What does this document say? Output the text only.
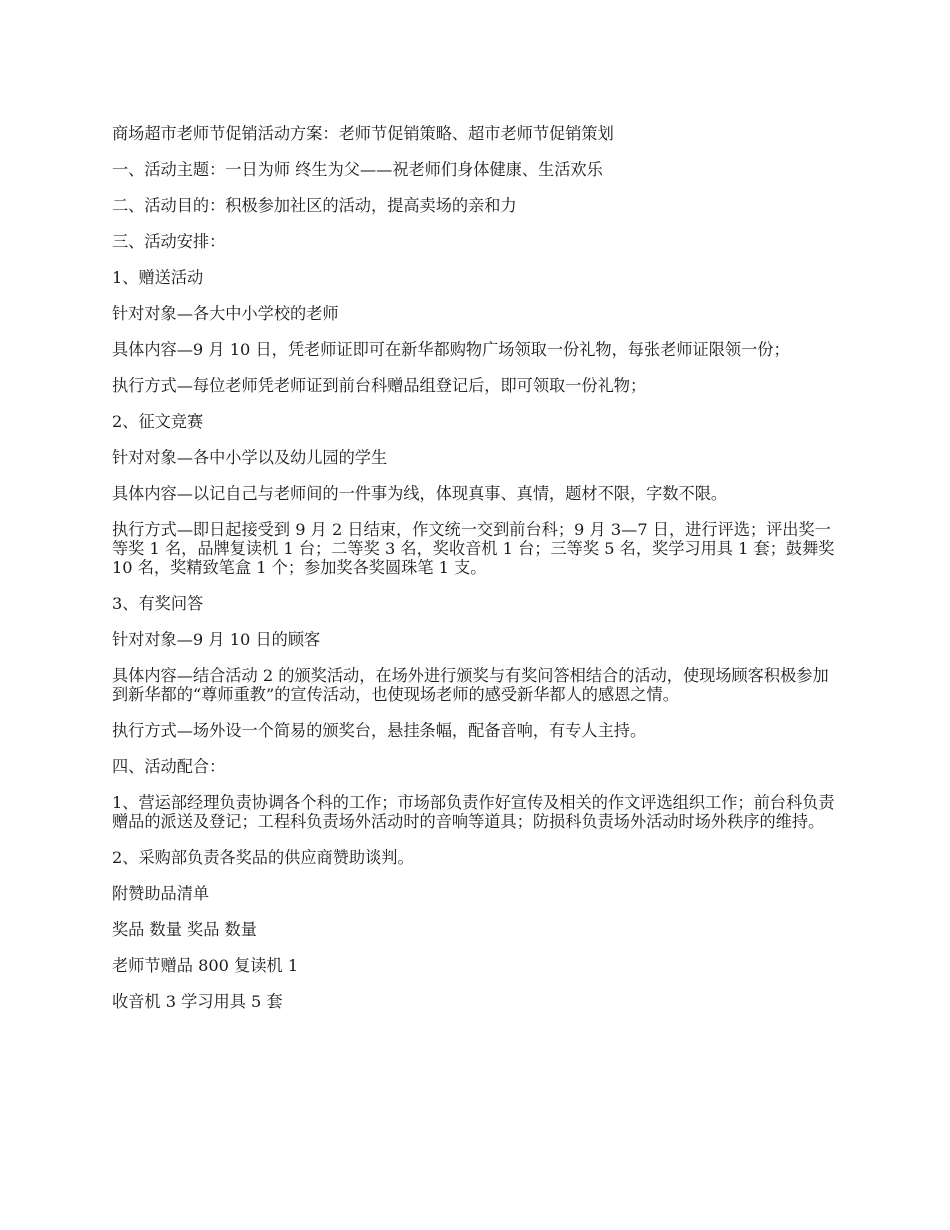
商场超市老师节促销活动方案：老师节促销策略、超市老师节促销策划

一、活动主题：一日为师 终生为父——祝老师们身体健康、生活欢乐

二、活动目的：积极参加社区的活动，提高卖场的亲和力

三、活动安排：

1、赠送活动

针对对象—各大中小学校的老师

具体内容—9 月 10 日，凭老师证即可在新华都购物广场领取一份礼物，每张老师证限领一份；

执行方式—每位老师凭老师证到前台科赠品组登记后，即可领取一份礼物；

2、征文竞赛

针对对象—各中小学以及幼儿园的学生

具体内容—以记自己与老师间的一件事为线，体现真事、真情，题材不限，字数不限。

执行方式—即日起接受到 9 月 2 日结束，作文统一交到前台科；9 月 3—7 日，进行评选；评出奖一等奖 1 名，品牌复读机 1 台；二等奖 3 名，奖收音机 1 台；三等奖 5 名，奖学习用具 1 套；鼓舞奖 10 名，奖精致笔盒 1 个；参加奖各奖圆珠笔 1 支。

3、有奖问答

针对对象—9 月 10 日的顾客

具体内容—结合活动 2 的颁奖活动，在场外进行颁奖与有奖问答相结合的活动，使现场顾客积极参加到新华都的“尊师重教”的宣传活动，也使现场老师的感受新华都人的感恩之情。

执行方式—场外设一个简易的颁奖台，悬挂条幅，配备音响，有专人主持。

四、活动配合：

1、营运部经理负责协调各个科的工作；市场部负责作好宣传及相关的作文评选组织工作；前台科负责赠品的派送及登记；工程科负责场外活动时的音响等道具；防损科负责场外活动时场外秩序的维持。

2、采购部负责各奖品的供应商赞助谈判。

附赞助品清单

奖品 数量 奖品 数量

老师节赠品 800 复读机 1

收音机 3 学习用具 5 套
